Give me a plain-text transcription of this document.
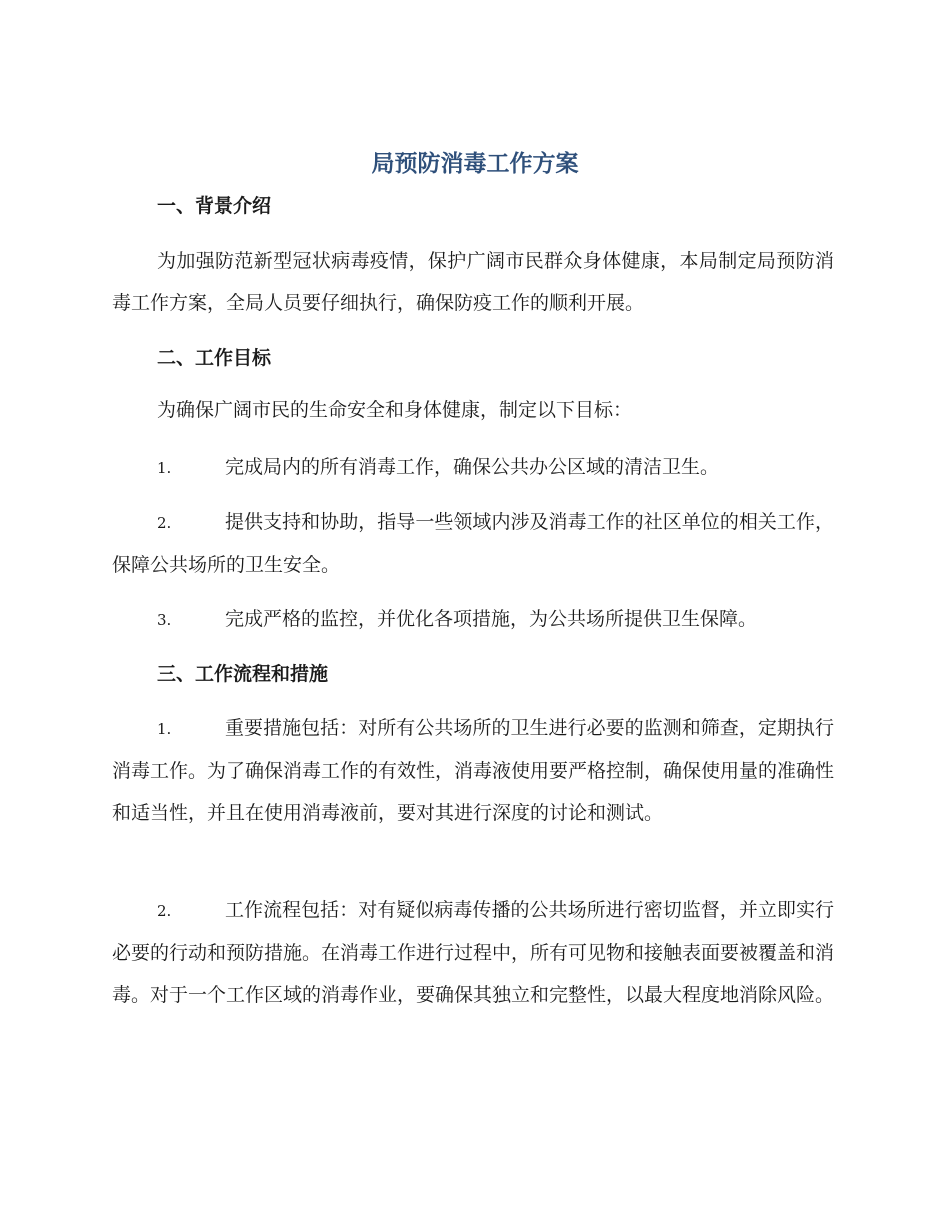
局预防消毒工作方案
一、背景介绍
为加强防范新型冠状病毒疫情，保护广阔市民群众身体健康，本局制定局预防消毒工作方案，全局人员要仔细执行，确保防疫工作的顺利开展。
二、工作目标
为确保广阔市民的生命安全和身体健康，制定以下目标：
1.	完成局内的所有消毒工作，确保公共办公区域的清洁卫生。
2.	提供支持和协助，指导一些领域内涉及消毒工作的社区单位的相关工作，保障公共场所的卫生安全。
3.	完成严格的监控，并优化各项措施，为公共场所提供卫生保障。
三、工作流程和措施
1.	重要措施包括：对所有公共场所的卫生进行必要的监测和筛查，定期执行消毒工作。为了确保消毒工作的有效性，消毒液使用要严格控制，确保使用量的准确性和适当性，并且在使用消毒液前，要对其进行深度的讨论和测试。
2.	工作流程包括：对有疑似病毒传播的公共场所进行密切监督，并立即实行必要的行动和预防措施。在消毒工作进行过程中，所有可见物和接触表面要被覆盖和消毒。对于一个工作区域的消毒作业，要确保其独立和完整性，以最大程度地消除风险。
